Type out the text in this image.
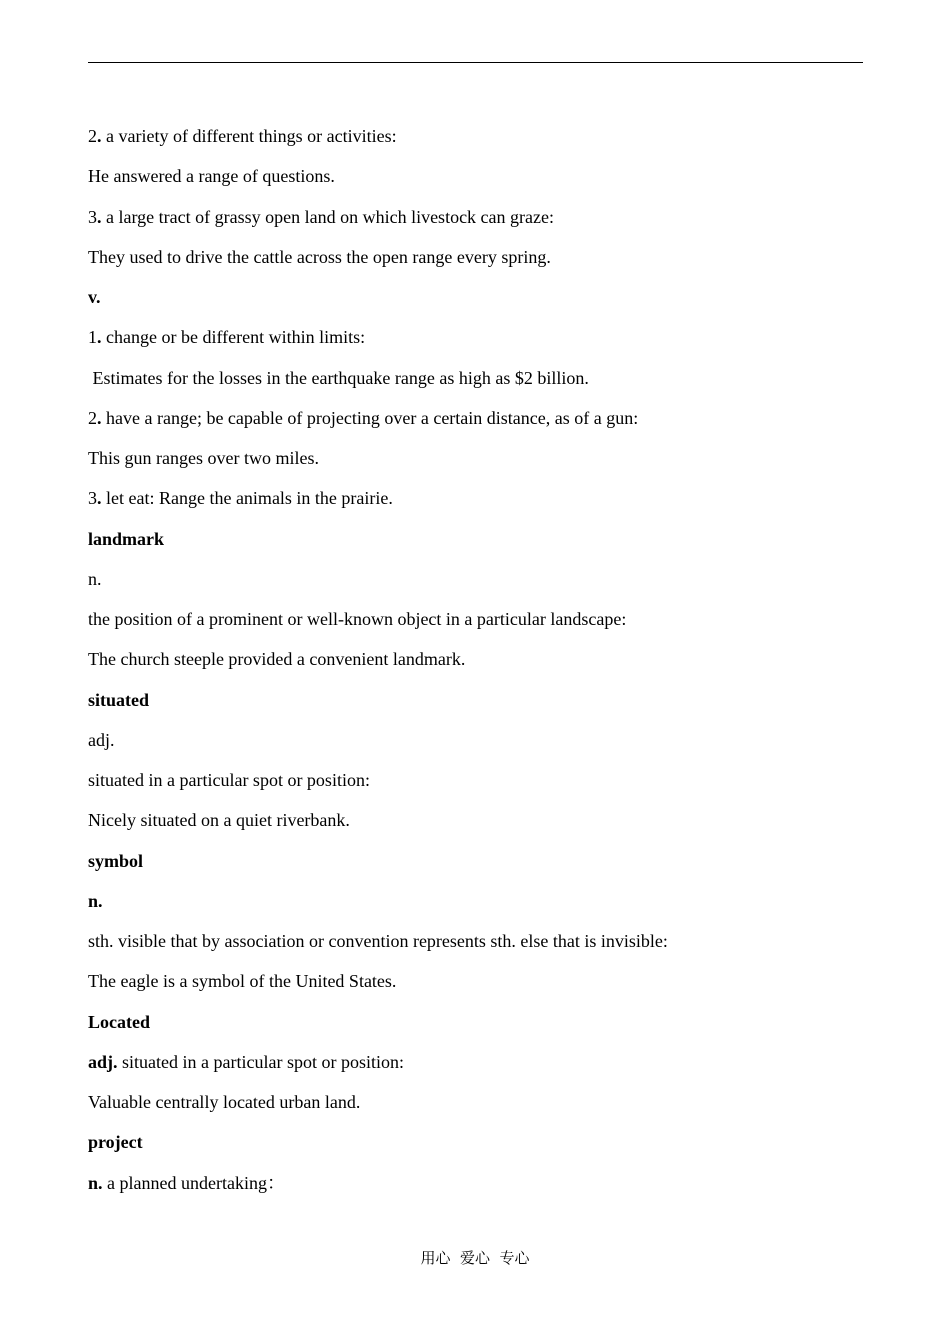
2. a variety of different things or activities:
He answered a range of questions.
3. a large tract of grassy open land on which livestock can graze:
They used to drive the cattle across the open range every spring.
v.
1. change or be different within limits:
Estimates for the losses in the earthquake range as high as $2 billion.
2. have a range; be capable of projecting over a certain distance, as of a gun:
This gun ranges over two miles.
3. let eat: Range the animals in the prairie.
landmark
n.
the position of a prominent or well-known object in a particular landscape:
The church steeple provided a convenient landmark.
situated
adj.
situated in a particular spot or position:
Nicely situated on a quiet riverbank.
symbol
n.
sth. visible that by association or convention represents sth. else that is invisible:
The eagle is a symbol of the United States.
Located
adj. situated in a particular spot or position:
Valuable centrally located urban land.
project
n. a planned undertaking：
用心  爱心  专心
